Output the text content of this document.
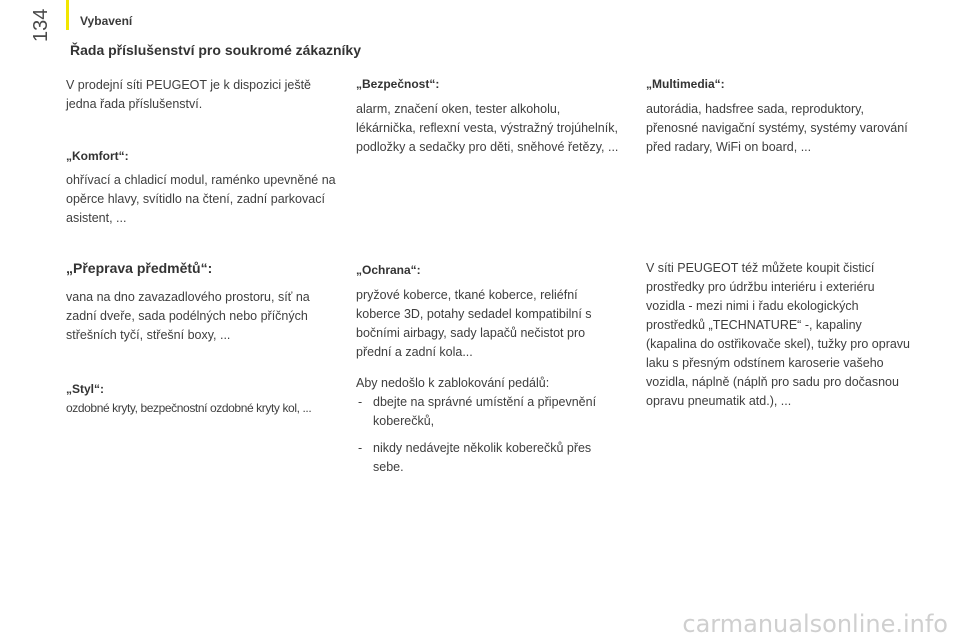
Vybavení
134
Řada příslušenství pro soukromé zákazníky

V prodejní síti PEUGEOT je k dispozici ještě jedna řada příslušenství.

„Komfort“:

ohřívací a chladicí modul, raménko upevněné na opěrce hlavy, svítidlo na čtení, zadní parkovací asistent, ...

„Přeprava předmětů“:

vana na dno zavazadlového prostoru, síť na zadní dveře, sada podélných nebo příčných střešních tyčí, střešní boxy, ...

„Styl“:

ozdobné kryty, bezpečnostní ozdobné kryty kol, ...

„Bezpečnost“:

alarm, značení oken, tester alkoholu, lékárnička, reflexní vesta, výstražný trojúhelník, podložky a sedačky pro děti, sněhové řetězy, ...

„Ochrana“:

pryžové koberce, tkané koberce, reliéfní koberce 3D, potahy sedadel kompatibilní s bočními airbagy, sady lapačů nečistot pro přední a zadní kola...

Aby nedošlo k zablokování pedálů:

- dbejte na správné umístění a připevnění koberečků,
- nikdy nedávejte několik koberečků přes sebe.

„Multimedia“:

autorádia, hadsfree sada, reproduktory, přenosné navigační systémy, systémy varování před radary, WiFi on board, ...

V síti PEUGEOT též můžete koupit čisticí prostředky pro údržbu interiéru i exteriéru vozidla - mezi nimi i řadu ekologických prostředků „TECHNATURE“ -, kapaliny (kapalina do ostřikovače skel), tužky pro opravu laku s přesným odstínem karoserie vašeho vozidla, náplně (náplň pro sadu pro dočasnou opravu pneumatik atd.), ...

carmanualsonline.info
